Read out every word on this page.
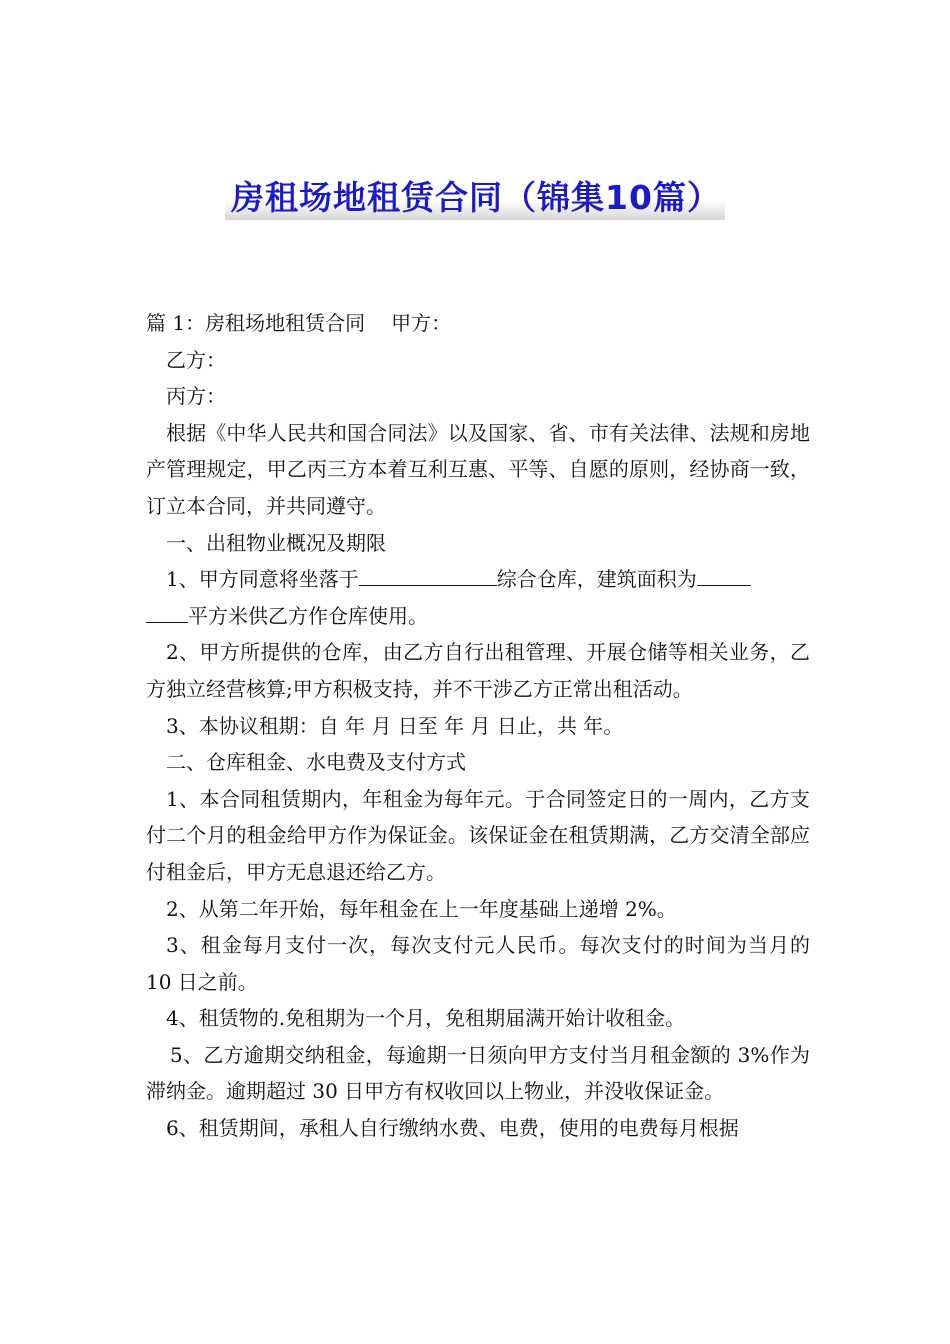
房租场地租赁合同（锦集10篇）

篇 1：房租场地租赁合同 甲方：

乙方：

丙方：

根据《中华人民共和国合同法》以及国家、省、市有关法律、法规和房地产管理规定，甲乙丙三方本着互利互惠、平等、自愿的原则，经协商一致，订立本合同，并共同遵守。

一、出租物业概况及期限

1、甲方同意将坐落于	综合仓库，建筑面积为
平方米供乙方作仓库使用。

2、甲方所提供的仓库，由乙方自行出租管理、开展仓储等相关业务，乙方独立经营核算;甲方积极支持，并不干涉乙方正常出租活动。

3、本协议租期：自 年 月 日至 年 月 日止，共 年。

二、仓库租金、水电费及支付方式

1、本合同租赁期内，年租金为每年元。于合同签定日的一周内，乙方支付二个月的租金给甲方作为保证金。该保证金在租赁期满，乙方交清全部应付租金后，甲方无息退还给乙方。

2、从第二年开始，每年租金在上一年度基础上递增 2%。

3、租金每月支付一次，每次支付元人民币。每次支付的时间为当月的 10 日之前。

4、租赁物的.免租期为一个月，免租期届满开始计收租金。

5、乙方逾期交纳租金，每逾期一日须向甲方支付当月租金额的 3%作为滞纳金。逾期超过 30 日甲方有权收回以上物业，并没收保证金。

6、租赁期间，承租人自行缴纳水费、电费，使用的电费每月根据
